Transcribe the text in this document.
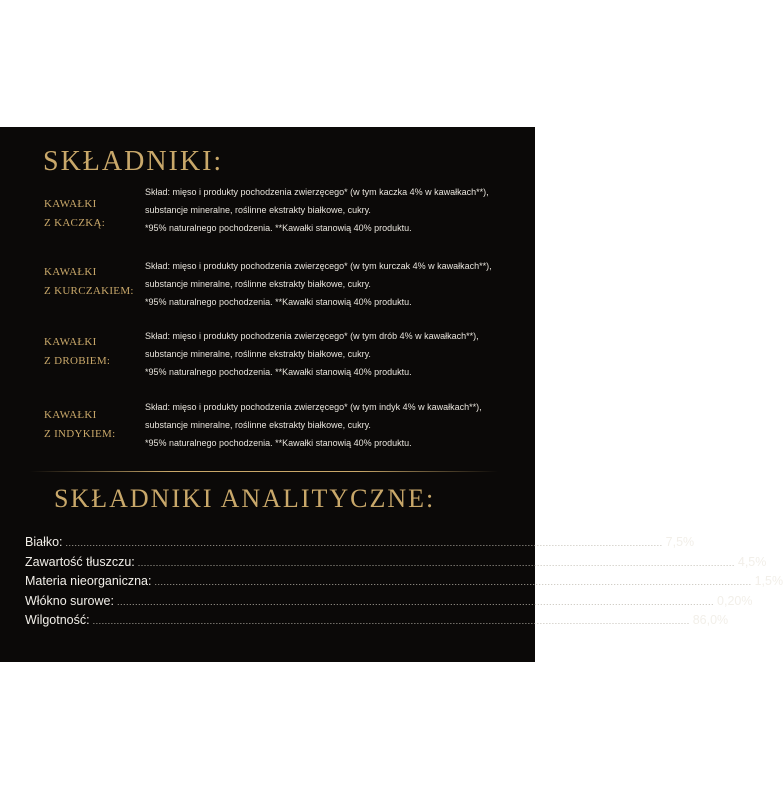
SKŁADNIKI:
KAWAŁKI
Z KACZKĄ:
Skład: mięso i produkty pochodzenia zwierzęcego* (w tym kaczka 4% w kawałkach**),
substancje mineralne, roślinne ekstrakty białkowe, cukry.
*95% naturalnego pochodzenia. **Kawałki stanowią 40% produktu.
KAWAŁKI
Z KURCZAKIEM:
Skład: mięso i produkty pochodzenia zwierzęcego* (w tym kurczak 4% w kawałkach**),
substancje mineralne, roślinne ekstrakty białkowe, cukry.
*95% naturalnego pochodzenia. **Kawałki stanowią 40% produktu.
KAWAŁKI
Z DROBIEM:
Skład: mięso i produkty pochodzenia zwierzęcego* (w tym drób 4% w kawałkach**),
substancje mineralne, roślinne ekstrakty białkowe, cukry.
*95% naturalnego pochodzenia. **Kawałki stanowią 40% produktu.
KAWAŁKI
Z INDYKIEM:
Skład: mięso i produkty pochodzenia zwierzęcego* (w tym indyk 4% w kawałkach**),
substancje mineralne, roślinne ekstrakty białkowe, cukry.
*95% naturalnego pochodzenia. **Kawałki stanowią 40% produktu.
SKŁADNIKI ANALITYCZNE:
Białko: ....................................................................................................................................................................................................... 7,5%
Zawartość tłuszczu: ....................................................................................................................................................................................................... 4,5%
Materia nieorganiczna: ....................................................................................................................................................................................................... 1,5%
Włókno surowe: ....................................................................................................................................................................................................... 0,20%
Wilgotność: ....................................................................................................................................................................................................... 86,0%
